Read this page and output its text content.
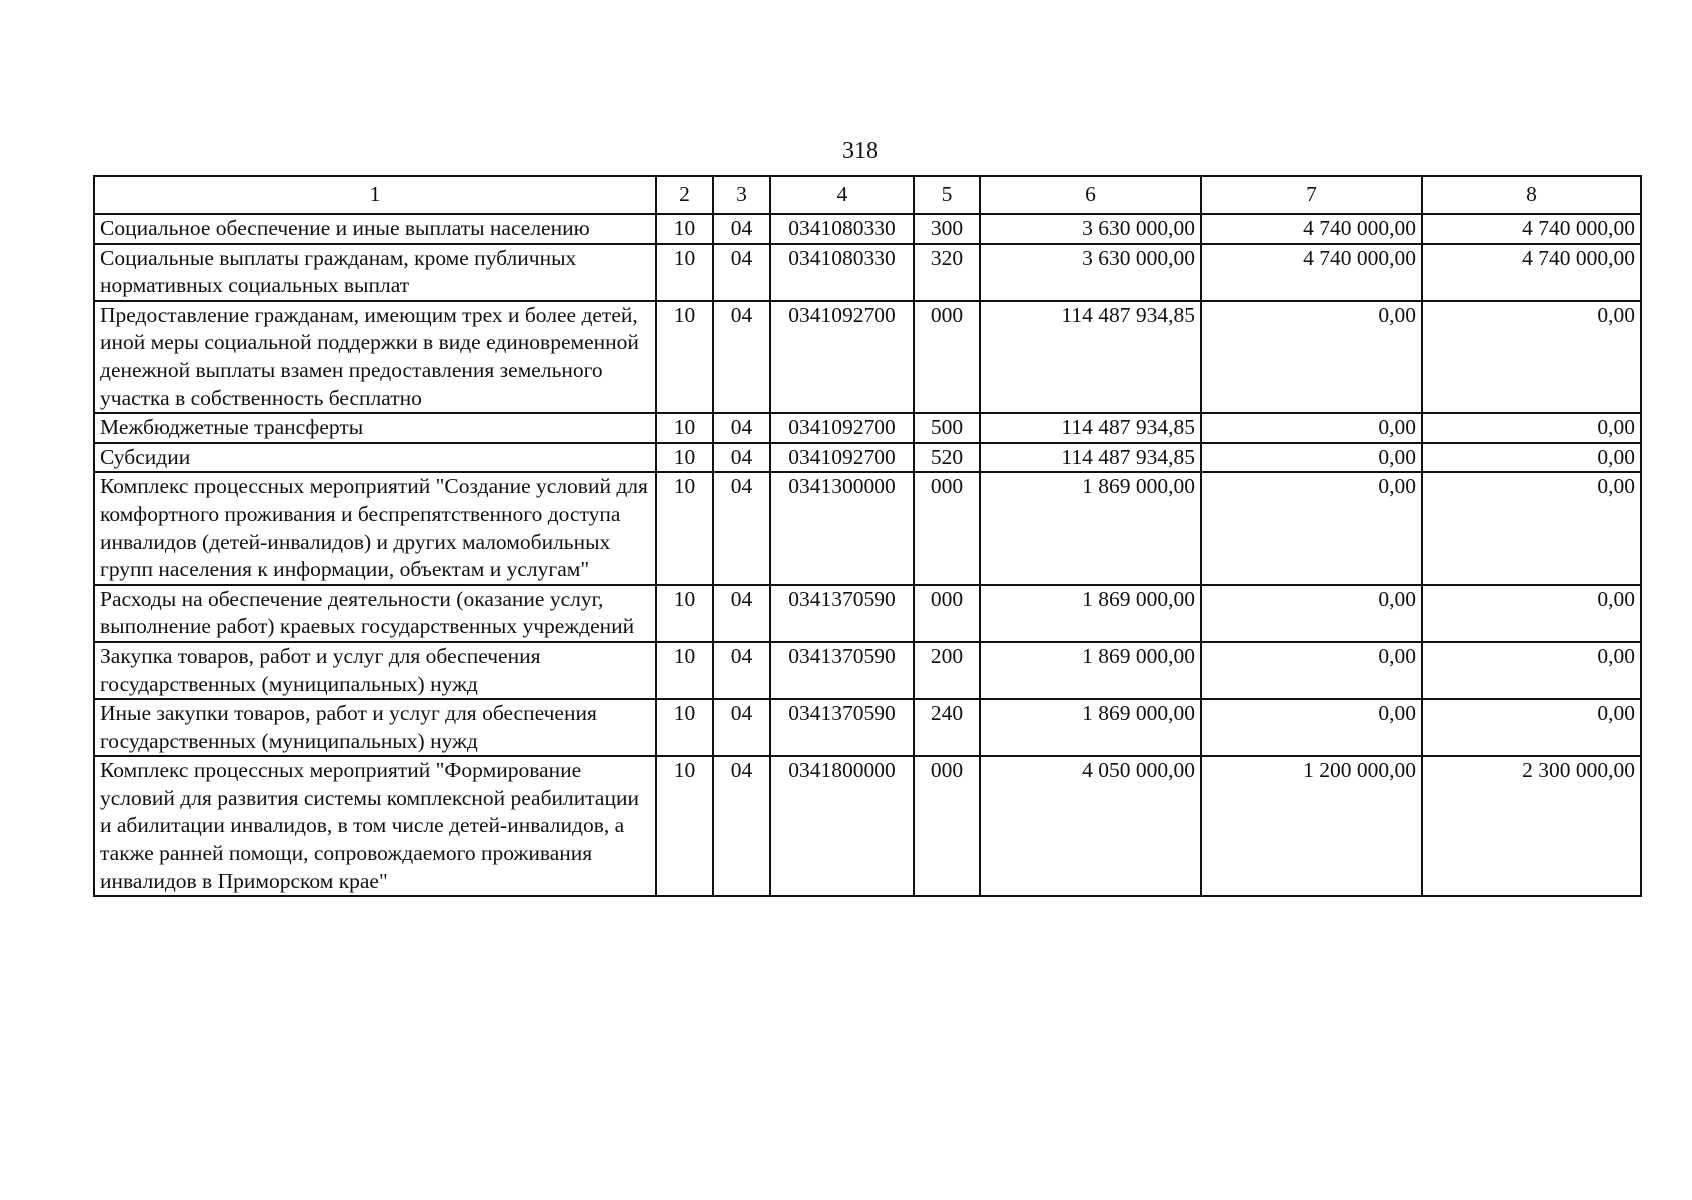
318
1	2	3	4	5	6	7	8
Социальное обеспечение и иные выплаты населению	10	04	0341080330	300	3 630 000,00	4 740 000,00	4 740 000,00
Социальные выплаты гражданам, кроме публичных нормативных социальных выплат	10	04	0341080330	320	3 630 000,00	4 740 000,00	4 740 000,00
Предоставление гражданам, имеющим трех и более детей, иной меры социальной поддержки в виде единовременной денежной выплаты взамен предоставления земельного участка в собственность бесплатно	10	04	0341092700	000	114 487 934,85	0,00	0,00
Межбюджетные трансферты	10	04	0341092700	500	114 487 934,85	0,00	0,00
Субсидии	10	04	0341092700	520	114 487 934,85	0,00	0,00
Комплекс процессных мероприятий "Создание условий для комфортного проживания и беспрепятственного доступа инвалидов (детей-инвалидов) и других маломобильных групп населения к информации, объектам и услугам"	10	04	0341300000	000	1 869 000,00	0,00	0,00
Расходы на обеспечение деятельности (оказание услуг, выполнение работ) краевых государственных учреждений	10	04	0341370590	000	1 869 000,00	0,00	0,00
Закупка товаров, работ и услуг для обеспечения государственных (муниципальных) нужд	10	04	0341370590	200	1 869 000,00	0,00	0,00
Иные закупки товаров, работ и услуг для обеспечения государственных (муниципальных) нужд	10	04	0341370590	240	1 869 000,00	0,00	0,00
Комплекс процессных мероприятий "Формирование условий для развития системы комплексной реабилитации и абилитации инвалидов, в том числе детей-инвалидов, а также ранней помощи, сопровождаемого проживания инвалидов в Приморском крае"	10	04	0341800000	000	4 050 000,00	1 200 000,00	2 300 000,00
